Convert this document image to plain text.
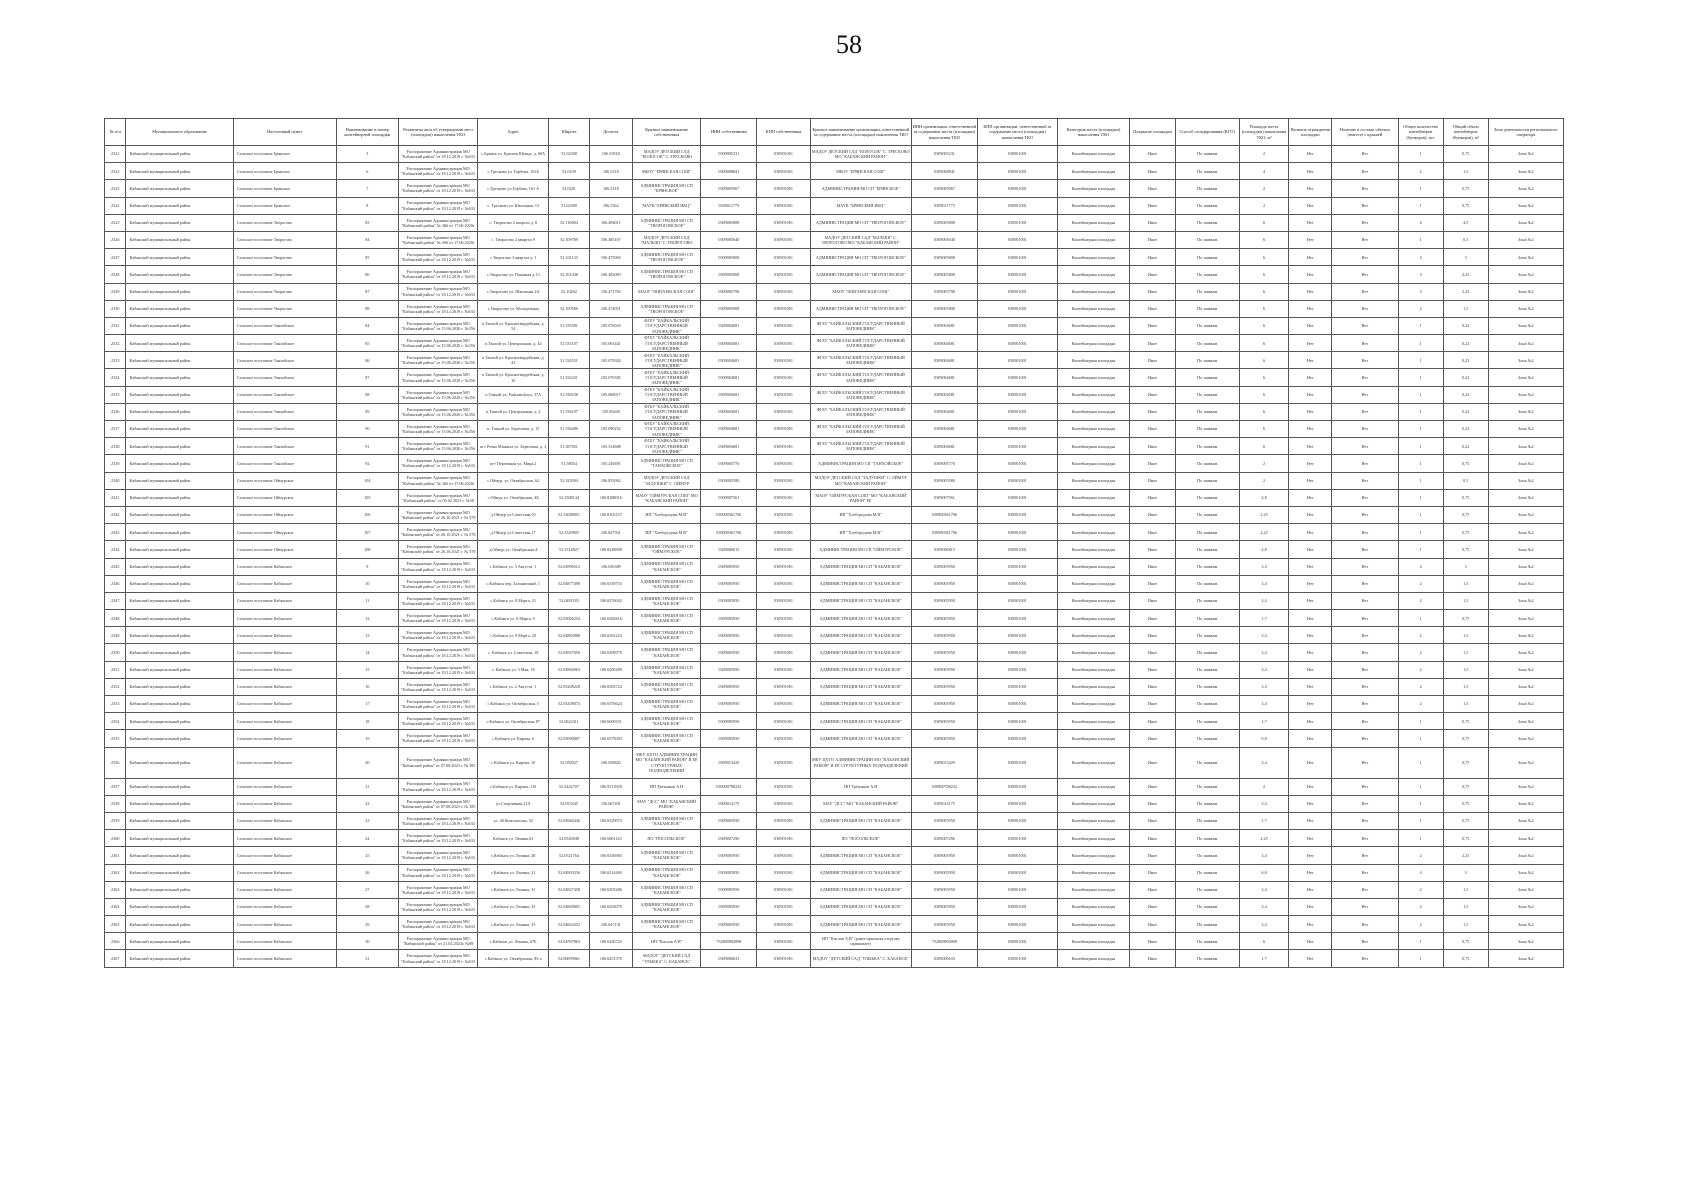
58
№ п/п	Муниципальное образование	Населенный пункт	Наименование и номер контейнерной площадки	Реквизиты акта об утверждении мест (площадок) накопления ТКО	Адрес	Широта	Долгота	Краткое наименование собственника	ИНН собственника	КПП собственника	Краткое наименование организации, ответственной за содержание места (площадки) накопления ТКО	ИНН организации, ответственной за содержание места (площадки) накопления ТКО	КПП организации, ответственной за содержание места (площадки) накопления ТКО	Категория места (площадки) накопления ТКО	Покрытие площадки	Способ складирования (КГО)	Площадь места (площадки) накопления ТКО, м²	Наличие ограждения площадки	Наличие в составе объекта (вместе) с крышей	Общее количество контейнеров (бункеров), шт.	Общий объем контейнеров (бункеров), м³	Зона деятельности регионального оператора
2321	Кабанский муниципальный район	Сельское поселение Брянское	5	Распоряжение Администрации МО "Кабанский район" от 18.12.2019 г. №633	с.Брянск ул. Братьев Шмидт, д. 60А	52.02398	106.53918	МАДОУ ДЕТСКИЙ САД "КОЛОСОК" С. ТРЕСКОВО	0309005231	030901001	МАДОУ ДЕТСКИЙ САД "КОЛОСОК" С. ТРЕСКОВО МО "КАБАНСКИЙ РАЙОН"	0309005231	030901001	Контейнерная площадка	Иное	По заявкам	2	Нет	Нет	1	0,75	Зона №2
2322	Кабанский муниципальный район	Сельское поселение Брянское	6	Распоряжение Администрации МО "Кабанский район" от 18.12.2019 г. №633	с.Тресково ул. Горбова, 161Б	52.0239	106.5318	МБОУ "БРЯНСКАЯ СОШ"	0309008841	030901001	МБОУ "БРЯНСКАЯ СОШ"	0309008841	030901001	Контейнерная площадка	Иное	По заявкам	4	Нет	Нет	2	1,5	Зона №2
2323	Кабанский муниципальный район	Сельское поселение Брянское	7	Распоряжение Администрации МО "Кабанский район" от 18.12.2019 г. №633	с.Тресково ул.Горбова, 161 А	52.0281	106.5318	АДМИНИСТРАЦИЯ МО СП "БРЯНСКОЕ"	0309005967	030901001	АДМИНИСТРАЦИЯ МО СП "БРЯНСКОЕ"	0309005967	030901001	Контейнерная площадка	Иное	По заявкам	2	Нет	Нет	1	0,75	Зона №2
2324	Кабанский муниципальный район	Сельское поселение Брянское	8	Распоряжение Администрации МО "Кабанский район" от 18.12.2019 г. №633	с. Тресково ул. Школьная, 13	52.02389	106.5362	МАУК "БРЯНСКИЙ ИКЦ"	0309011775	030901001	МАУК "БРЯНСКИЙ ИКЦ"	0309011775	030901001	Контейнерная площадка	Иное	По заявкам	2	Нет	Нет	1	0,75	Зона №2
2325	Кабанский муниципальный район	Сельское поселение Творогово	83	Распоряжение Администрации МО "Кабанский район" № 366 от 17.06.2020г	с. Творогово 2 квартал д. 8	52.110684	106.484011	АДМИНИСТРАЦИЯ МО СП "ТВОРОГОВСКОЕ"	0309005808	030901001	АДМИНИСТРАЦИЯ МО СП "ТВОРОГОВСКОЕ"	0309005808	030901001	Контейнерная площадка	Иное	По заявкам	6	Нет	Нет	6	4,5	Зона №2
2326	Кабанский муниципальный район	Сельское поселение Творогово	84	Распоряжение Администрации МО "Кабанский район" № 366 от 17.06.2020г	с. Творогово 2 квартал 9	52.109769	106.485167	МАДОУ ДЕТСКИЙ САД "МАЛЫШ" С. ТВОРОГОВО	0309005640	030901001	МАДОУ ДЕТСКИЙ САД "МАЛЫШ" С. ТВОРОГОВО МО "КАБАНСКИЙ РАЙОН"	0309005640	030901001	Контейнерная площадка	Иное	По заявкам	6	Нет	Нет	1	0,5	Зона №2
2327	Кабанский муниципальный район	Сельское поселение Творогово	85	Распоряжение Администрации МО "Кабанский район" от 18.12.2019 г. №633	с.Творогово 3 квартал д. 1	52.101133	106.475065	АДМИНИСТРАЦИЯ МО СП "ТВОРОГОВСКОЕ"	0309005808	030901001	АДМИНИСТРАЦИЯ МО СП "ТВОРОГОВСКОЕ"	0309005808	030901001	Контейнерная площадка	Иное	По заявкам	6	Нет	Нет	4	3	Зона №2
2328	Кабанский муниципальный район	Сельское поселение Творогово	86	Распоряжение Администрации МО "Кабанский район" от 18.12.2019 г. №633	с.Творогово ул. Пляжная д.13	52.101438	106.483083	АДМИНИСТРАЦИЯ МО СП "ТВОРОГОВСКОЕ"	0309005808	030901001	АДМИНИСТРАЦИЯ МО СП "ТВОРОГОВСКОЕ"	0309005808	030901001	Контейнерная площадка	Иное	По заявкам	6	Нет	Нет	3	2,25	Зона №2
2329	Кабанский муниципальный район	Сельское поселение Творогово	87	Распоряжение Администрации МО "Кабанский район" от 18.12.2019 г. №633	с.Творогово ул. Школьная 2А	52.10262	106.471765	МАОУ "ШИГАЕВСКАЯ СОШ"	0309005798	030901001	МАОУ "ШИГАЕВСКАЯ СОШ"	0309005798	030901001	Контейнерная площадка	Иное	По заявкам	6	Нет	Нет	3	2,25	Зона №2
2330	Кабанский муниципальный район	Сельское поселение Творогово	88	Распоряжение Администрации МО "Кабанский район" от 18.12.2019 г. №633	с.Творогово ул. Молодежная	52.100586	106.474051	АДМИНИСТРАЦИЯ МО СП "ТВОРОГОВСКОЕ"	0309005808	030901001	АДМИНИСТРАЦИЯ МО СП "ТВОРОГОВСКОЕ"	0309005808	030901001	Контейнерная площадка	Иное	По заявкам	6	Нет	Нет	2	1,5	Зона №2
2331	Кабанский муниципальный район	Сельское поселение Танхойское	84	Распоряжение Администрации МО "Кабанский район" от 15.06.2020 г. №356	п.Танхой ул. Красногвардейская, д. 54	51.535591	105.076043	ФГБУ "БАЙКАЛЬСКИЙ ГОСУДАРСТВЕННЫЙ ЗАПОВЕДНИК"	0309004681	030901001	ФГБУ "БАЙКАЛЬСКИЙ ГОСУДАРСТВЕННЫЙ ЗАПОВЕДНИК"	0309004681	030901001	Контейнерная площадка	Иное	По заявкам	6	Нет	Нет	1	0,22	Зона №2
2332	Кабанский муниципальный район	Сельское поселение Танхойское	85	Распоряжение Администрации МО "Кабанский район" от 15.06.2020 г. №356	п.Танхой ул. Центральная, д. 44	51.535107	105.063441	ФГБУ "БАЙКАЛЬСКИЙ ГОСУДАРСТВЕННЫЙ ЗАПОВЕДНИК"	0309004681	030901001	ФГБУ "БАЙКАЛЬСКИЙ ГОСУДАРСТВЕННЫЙ ЗАПОВЕДНИК"	0309004681	030901001	Контейнерная площадка	Иное	По заявкам	6	Нет	Нет	1	0,22	Зона №2
2333	Кабанский муниципальный район	Сельское поселение Танхойское	86	Распоряжение Администрации МО "Кабанский район" от 15.06.2020 г. №356	п.Танхой ул. Красногвардейская, д. 43	51.534551	105.079302	ФГБУ "БАЙКАЛЬСКИЙ ГОСУДАРСТВЕННЫЙ ЗАПОВЕДНИК"	0309004681	030901001	ФГБУ "БАЙКАЛЬСКИЙ ГОСУДАРСТВЕННЫЙ ЗАПОВЕДНИК"	0309004681	030901001	Контейнерная площадка	Иное	По заявкам	6	Нет	Нет	1	0,22	Зона №2
2334	Кабанский муниципальный район	Сельское поселение Танхойское	87	Распоряжение Администрации МО "Кабанский район" от 15.06.2020 г. №356	п.Танхой ул. Красногвардейская, д. 16	51.534331	105.070385	ФГБУ "БАЙКАЛЬСКИЙ ГОСУДАРСТВЕННЫЙ ЗАПОВЕДНИК"	0309004681	030901001	ФГБУ "БАЙКАЛЬСКИЙ ГОСУДАРСТВЕННЫЙ ЗАПОВЕДНИК"	0309004681	030901001	Контейнерная площадка	Иное	По заявкам	6	Нет	Нет	1	0,22	Зона №2
2335	Кабанский муниципальный район	Сельское поселение Танхойское	88	Распоряжение Администрации МО "Кабанский район" от 15.06.2020 г. №356	п.Танхой ул. Partizanskaya, 37А	51.538238	105.068017	ФГБУ "БАЙКАЛЬСКИЙ ГОСУДАРСТВЕННЫЙ ЗАПОВЕДНИК"	0309004681	030901001	ФГБУ "БАЙКАЛЬСКИЙ ГОСУДАРСТВЕННЫЙ ЗАПОВЕДНИК"	0309004681	030901001	Контейнерная площадка	Иное	По заявкам	6	Нет	Нет	1	0,22	Зона №2
2336	Кабанский муниципальный район	Сельское поселение Танхойское	89	Распоряжение Администрации МО "Кабанский район" от 15.06.2020 г. №356	п.Танхой ул. Центральная, д. 2	51.536197	105.06268	ФГБУ "БАЙКАЛЬСКИЙ ГОСУДАРСТВЕННЫЙ ЗАПОВЕДНИК"	0309004681	030901001	ФГБУ "БАЙКАЛЬСКИЙ ГОСУДАРСТВЕННЫЙ ЗАПОВЕДНИК"	0309004681	030901001	Контейнерная площадка	Иное	По заявкам	6	Нет	Нет	1	0,22	Зона №2
2337	Кабанский муниципальный район	Сельское поселение Танхойское	90	Распоряжение Администрации МО "Кабанский район" от 15.06.2020 г. №356	п. Танхой ул. Береговая, д. 15	51.536486	105.090252	ФГБУ "БАЙКАЛЬСКИЙ ГОСУДАРСТВЕННЫЙ ЗАПОВЕДНИК"	0309004681	030901001	ФГБУ "БАЙКАЛЬСКИЙ ГОСУДАРСТВЕННЫЙ ЗАПОВЕДНИК"	0309004681	030901001	Контейнерная площадка	Иное	По заявкам	6	Нет	Нет	1	0,22	Зона №2
2338	Кабанский муниципальный район	Сельское поселение Танхойское	91	Распоряжение Администрации МО "Кабанский район" от 15.06.2020 г. №356	пгт Речка Мишиха ул. Береговая, д. 2	51.587851	105.314688	ФГБУ "БАЙКАЛЬСКИЙ ГОСУДАРСТВЕННЫЙ ЗАПОВЕДНИК"	0309004681	030901001	ФГБУ "БАЙКАЛЬСКИЙ ГОСУДАРСТВЕННЫЙ ЗАПОВЕДНИК"	0309004681	030901001	Контейнерная площадка	Иное	По заявкам	6	Нет	Нет	1	0,22	Зона №2
2339	Кабанский муниципальный район	Сельское поселение Танхойское	92	Распоряжение Администрации МО "Кабанский район" от 18.12.2019 г. №633	пгт Переемная ул. Мира,2	51.58054	105.249491	АДМИНИСТРАЦИЯ МО СП "ТАНХОЙСКОЕ"	0309005776	030901001	АДМИНИСТРАЦИЯ МО СП "ТАНХОЙСКОЕ"	0309005776	030901001	Контейнерная площадка	Иное	По заявкам	2	Нет	Нет	1	0,75	Зона №2
2340	Кабанский муниципальный район	Сельское поселение Оймурское	104	Распоряжение Администрации МО "Кабанский район" № 366 от 17.06.2020г	с.Оймур, ул. Октябрьская, 62	52.323094	106.833062	МАДОУ ДЕТСКИЙ САД "ЗАДУШКИ" С. ОЙМУР	0309005580	030901001	МАДОУ ДЕТСКИЙ САД "ЗАДУШКИ" С. ОЙМУР МО "КАБАНСКИЙ РАЙОН"	0309005580	030901001	Контейнерная площадка	Иное	По заявкам	2	Нет	Нет	1	0,5	Зона №2
2341	Кабанский муниципальный район	Сельское поселение Оймурское	105	Распоряжение Администрации МО "Кабанский район" от 05.02.2021 г. №58	с.Оймур ул. Октябрьская, 4Б	52.3308144	106.8288016	МАОУ "ОЙМУРСКАЯ СОШ" МО "КАБАНСКИЙ РАЙОН"	0309007561	030901001	МАОУ "ОЙМУРСКАЯ СОШ" МО "КАБАНСКИЙ РАЙОН" РБ	0309007561	030901001	Контейнерная площадка	Иное	По заявкам	2,8	Нет	Нет	1	0,75	Зона №2
2342	Кабанский муниципальный район	Сельское поселение Оймурское	106	Распоряжение Администрации МО "Кабанский район" от 26.10.2021 г. № 578	д.Оймур ул.Советская,10	52.33088051	106.8165157	ИП "Хлебородова М.В"	030900361706	030901001	ИП "Хлебородова М.В"	030900361706	030901001	Контейнерная площадка	Иное	По заявкам	2,25	Нет	Нет	1	0,75	Зона №2
2343	Кабанский муниципальный район	Сельское поселение Оймурское	107	Распоряжение Администрации МО "Кабанский район" от 26.10.2021 г. № 578	д.Оймур ул.Советская,17	52.3329805	106.827921	ИП "Хлебородова М.В"	030900361706	030901001	ИП "Хлебородова М.В"	030900361706	030901001	Контейнерная площадка	Иное	По заявкам	2,25	Нет	Нет	1	0,75	Зона №2
2344	Кабанский муниципальный район	Сельское поселение Оймурское	108	Распоряжение Администрации МО "Кабанский район" от 26.10.2021 г. № 578	д.Оймур ул. Октябрьская,4	52.3314827	106.8328698	АДМИНИСТРАЦИЯ МО СП "ОЙМУРСКОЕ"	0309006815	030901001	АДМИНИСТРАЦИЯ МО СП "ОЙМУРСКОЕ"	0309006815	030901001	Контейнерная площадка	Иное	По заявкам	2,8	Нет	Нет	1	0,75	Зона №2
2345	Кабанский муниципальный район	Сельское поселение Кабанское	9	Распоряжение Администрации МО "Кабанский район" от 18.12.2019 г. №633	с.Кабанск ул. 3 Августа, 1	52.04996512	106.656389	АДМИНИСТРАЦИЯ МО СП "КАБАНСКОЕ"	0309005950	030901001	АДМИНИСТРАЦИЯ МО СП "КАБАНСКОЕ"	0309005950	030901001	Контейнерная площадка	Иное	По заявкам	3,4	Нет	Нет	4	3	Зона №2
2346	Кабанский муниципальный район	Сельское поселение Кабанское	10	Распоряжение Администрации МО "Кабанский район" от 18.12.2019 г. №633	с.Кабанск пер. Больничный, 1	52.04877498	106.6539753	АДМИНИСТРАЦИЯ МО СП "КАБАНСКОЕ"	0309005950	030901001	АДМИНИСТРАЦИЯ МО СП "КАБАНСКОЕ"	0309005950	030901001	Контейнерная площадка	Иное	По заявкам	3,4	Нет	Нет	2	1,5	Зона №2
2347	Кабанский муниципальный район	Сельское поселение Кабанское	11	Распоряжение Администрации МО "Кабанский район" от 18.12.2019 г. №633	с.Кабанск ул. 8 Марта, 21	52.0481183	106.6576042	АДМИНИСТРАЦИЯ МО СП "КАБАНСКОЕ"	0309005950	030901001	АДМИНИСТРАЦИЯ МО СП "КАБАНСКОЕ"	0309005950	030901001	Контейнерная площадка	Иное	По заявкам	3,4	Нет	Нет	2	1,5	Зона №2
2348	Кабанский муниципальный район	Сельское поселение Кабанское	12	Распоряжение Администрации МО "Кабанский район" от 18.12.2019 г. №633	с.Кабанск ул. 8 Марта, 5	52.05006254	106.6568416	АДМИНИСТРАЦИЯ МО СП "КАБАНСКОЕ"	0309005950	030901001	АДМИНИСТРАЦИЯ МО СП "КАБАНСКОЕ"	0309005950	030901001	Контейнерная площадка	Иное	По заявкам	1,7	Нет	Нет	1	0,75	Зона №2
2349	Кабанский муниципальный район	Сельское поселение Кабанское	13	Распоряжение Администрации МО "Кабанский район" от 18.12.2019 г. №633	с.Кабанск ул. 8 Марта, 20	52.04883988	106.6561224	АДМИНИСТРАЦИЯ МО СП "КАБАНСКОЕ"	0309005950	030901001	АДМИНИСТРАЦИЯ МО СП "КАБАНСКОЕ"	0309005950	030901001	Контейнерная площадка	Иное	По заявкам	3,4	Нет	Нет	2	1,5	Зона №2
2350	Кабанский муниципальный район	Сельское поселение Кабанское	14	Распоряжение Администрации МО "Кабанский район" от 18.12.2019 г. №633	с. Кабанск ул. Советская, 18	52.04957656	106.6509579	АДМИНИСТРАЦИЯ МО СП "КАБАНСКОЕ"	0309005950	030901001	АДМИНИСТРАЦИЯ МО СП "КАБАНСКОЕ"	0309005950	030901001	Контейнерная площадка	Иное	По заявкам	3,4	Нет	Нет	2	1,5	Зона №2
2351	Кабанский муниципальный район	Сельское поселение Кабанское	15	Распоряжение Администрации МО "Кабанский район" от 18.12.2019 г. №633	с. Кабанск ул. 3 Мая, 18	52.04966963	106.6506289	АДМИНИСТРАЦИЯ МО СП "КАБАНСКОЕ"	0309005950	030901001	АДМИНИСТРАЦИЯ МО СП "КАБАНСКОЕ"	0309005950	030901001	Контейнерная площадка	Иное	По заявкам	3,4	Нет	Нет	2	1,5	Зона №2
2352	Кабанский муниципальный район	Сельское поселение Кабанское	16	Распоряжение Администрации МО "Кабанский район" от 18.12.2019 г. №633	с.Кабанск ул. 2 Августа, 1	52.05208228	106.6583724	АДМИНИСТРАЦИЯ МО СП "КАБАНСКОЕ"	0309005950	030901001	АДМИНИСТРАЦИЯ МО СП "КАБАНСКОЕ"	0309005950	030901001	Контейнерная площадка	Иное	По заявкам	3,4	Нет	Нет	2	1,5	Зона №2
2353	Кабанский муниципальный район	Сельское поселение Кабанское	17	Распоряжение Администрации МО "Кабанский район" от 18.12.2019 г. №633	с.Кабанск ул. Октябрьская, 5	52.05208074	106.6576624	АДМИНИСТРАЦИЯ МО СП "КАБАНСКОЕ"	0309005950	030901001	АДМИНИСТРАЦИЯ МО СП "КАБАНСКОЕ"	0309005950	030901001	Контейнерная площадка	Иное	По заявкам	3,4	Нет	Нет	2	1,5	Зона №2
2354	Кабанский муниципальный район	Сельское поселение Кабанское	18	Распоряжение Администрации МО "Кабанский район" от 18.12.2019 г. №633	с.Кабанск ул. Октябрьская, 87	52.0622311	106.6600331	АДМИНИСТРАЦИЯ МО СП "КАБАНСКОЕ"	0309005950	030901001	АДМИНИСТРАЦИЯ МО СП "КАБАНСКОЕ"	0309005950	030901001	Контейнерная площадка	Иное	По заявкам	1,7	Нет	Нет	1	0,75	Зона №2
2355	Кабанский муниципальный район	Сельское поселение Кабанское	19	Распоряжение Администрации МО "Кабанский район" от 18.12.2019 г. №633	с.Кабанск ул. Кирова, 6	52.05000807	106.6575083	АДМИНИСТРАЦИЯ МО СП "КАБАНСКОЕ"	0309005950	030901001	АДМИНИСТРАЦИЯ МО СП "КАБАНСКОЕ"	0309005950	030901001	Контейнерная площадка	Иное	По заявкам	0,8	Нет	Нет	1	0,75	Зона №2
2356	Кабанский муниципальный район	Сельское поселение Кабанское	20	Распоряжение Администрации МО "Кабанский район" от 07.08.2023 г. № 385	с.Кабанск ул. Кирова, 10	52.050027	106.658843	МКУ ЦХТО АДМИНИСТРАЦИИ МО "КАБАНСКИЙ РАЙОН" И ЕЁ СТРУКТУРНЫХ ПОДРАЗДЕЛЕНИЙ	0309013429	030901001	МКУ ЦХТО АДМИНИСТРАЦИИ МО "КАБАНСКИЙ РАЙОН" И ЕЁ СТРУКТУРНЫХ ПОДРАЗДЕЛЕНИЙ	0309013429	030901001	Контейнерная площадка	Иное	По заявкам	3,4	Нет	Нет	1	0,75	Зона №2
2357	Кабанский муниципальный район	Сельское поселение Кабанское	21	Распоряжение Администрации МО "Кабанский район" от 18.12.2019 г. №633	с.Кабанск ул. Кирова, 110	52.2442707	106.9513929	ИП Третьяков А.Н	030900788232	030901001	ИП Третьяков А.Н	030900788232	030901001	Контейнерная площадка	Иное	По заявкам	2	Нет	Нет	1	0,75	Зона №2
2358	Кабанский муниципальный район	Сельское поселение Кабанское	22	Распоряжение Администрации МО "Кабанский район" от 07.08.2023 г. № 385	ул.Спортивная,21А	52.053345	106.667491	МАУ "ДСС" МО "КАБАНСКИЙ РАЙОН"	0309014175	030901001	МАУ "ДСС" МО "КАБАНСКИЙ РАЙОН"	0309014175	030901001	Контейнерная площадка	Иное	По заявкам	3,4	Нет	Нет	1	0,75	Зона №2
2359	Кабанский муниципальный район	Сельское поселение Кабанское	23	Распоряжение Администрации МО "Кабанский район" от 18.12.2019 г. №633	ул. 40 Комсомолья, 32	52.04946446	106.6529073	АДМИНИСТРАЦИЯ МО СП "КАБАНСКОЕ"	0309005950	030901001	АДМИНИСТРАЦИЯ МО СП "КАБАНСКОЕ"	0309005950	030901001	Контейнерная площадка	Иное	По заявкам	1,7	Нет	Нет	1	0,75	Зона №2
2360	Кабанский муниципальный район	Сельское поселение Кабанское	24	Распоряжение Администрации МО "Кабанский район" от 18.12.2019 г. №633	Кабанск ул. Ленина,63	52.0520848	106.6601143	ПО "ПОСОЛЬСКОЕ"	0309007296	030901001	ПО "ПОСОЛЬСКОЕ"	0309007296	030901001	Контейнерная площадка	Иное	По заявкам	2,25	Нет	Нет	1	0,75	Зона №2
2361	Кабанский муниципальный район	Сельское поселение Кабанское	25	Распоряжение Администрации МО "Кабанский район" от 18.12.2019 г. №633	с.Кабанск ул. Ленина, 28	52.0521764	106.6536983	АДМИНИСТРАЦИЯ МО СП "КАБАНСКОЕ"	0309005950	030901001	АДМИНИСТРАЦИЯ МО СП "КАБАНСКОЕ"	0309005950	030901001	Контейнерная площадка	Иное	По заявкам	3,4	Нет	Нет	2	2,25	Зона №2
2362	Кабанский муниципальный район	Сельское поселение Кабанское	26	Распоряжение Администрации МО "Кабанский район" от 18.12.2019 г. №633	с.Кабанск ул. Ленина, 21	52.04903336	106.6514469	АДМИНИСТРАЦИЯ МО СП "КАБАНСКОЕ"	0309005950	030901001	АДМИНИСТРАЦИЯ МО СП "КАБАНСКОЕ"	0309005950	030901001	Контейнерная площадка	Иное	По заявкам	6,8	Нет	Нет	4	3	Зона №2
2363	Кабанский муниципальный район	Сельское поселение Кабанское	27	Распоряжение Администрации МО "Кабанский район" от 18.12.2019 г. №633	с.Кабанск ул. Ленина, 31	52.04827458	106.6505286	АДМИНИСТРАЦИЯ МО СП "КАБАНСКОЕ"	0309005950	030901001	АДМИНИСТРАЦИЯ МО СП "КАБАНСКОЕ"	0309005950	030901001	Контейнерная площадка	Иное	По заявкам	3,4	Нет	Нет	2	1,5	Зона №2
2364	Кабанский муниципальный район	Сельское поселение Кабанское	28	Распоряжение Администрации МО "Кабанский район" от 18.12.2019 г. №633	с.Кабанск ул. Ленина, 35	52.04849605	106.6503079	АДМИНИСТРАЦИЯ МО СП "КАБАНСКОЕ"	0309005950	030901001	АДМИНИСТРАЦИЯ МО СП "КАБАНСКОЕ"	0309005950	030901001	Контейнерная площадка	Иное	По заявкам	3,4	Нет	Нет	2	1,5	Зона №2
2365	Кабанский муниципальный район	Сельское поселение Кабанское	29	Распоряжение Администрации МО "Кабанский район" от 18.12.2019 г. №633	с.Кабанск ул. Ленина, 35	52.04844352	106.647131	АДМИНИСТРАЦИЯ МО СП "КАБАНСКОЕ"	0309005950	030901001	АДМИНИСТРАЦИЯ МО СП "КАБАНСКОЕ"	0309005950	030901001	Контейнерная площадка	Иное	По заявкам	3,4	Нет	Нет	2	1,5	Зона №2
2366	Кабанский муниципальный район	Сельское поселение Кабанское	30	Распоряжение Администрации МО "Кабанский район" от 21.02.2024г. №98	с.Кабанск ул. Ленина, 67Б	52.04597863	106.6436743	ИП "Кислов А.В"	752800904998	030901001	ИП "Кислов А.В" (ранее принятая отгрузка принимает)	752800904998	030901001	Контейнерная площадка	Иное	По заявкам	6	Нет	Нет	1	0,75	Зона №2
2367	Кабанский муниципальный район	Сельское поселение Кабанское	31	Распоряжение Администрации МО "Кабанский район" от 18.12.2019 г. №633	с.Кабанск ул. Октябрьская, 83-а	52.06099061	106.6451570	МАДОУ "ДЕТСКИЙ САД "УЛЫБКА" С. КАБАНСК"	0309006633	030901001	МАДОУ "ДЕТСКИЙ САД "УЛЫБКА" С. КАБАНСК"	0309006633	030901001	Контейнерная площадка	Иное	По заявкам	1,7	Нет	Нет	1	0,75	Зона №2
